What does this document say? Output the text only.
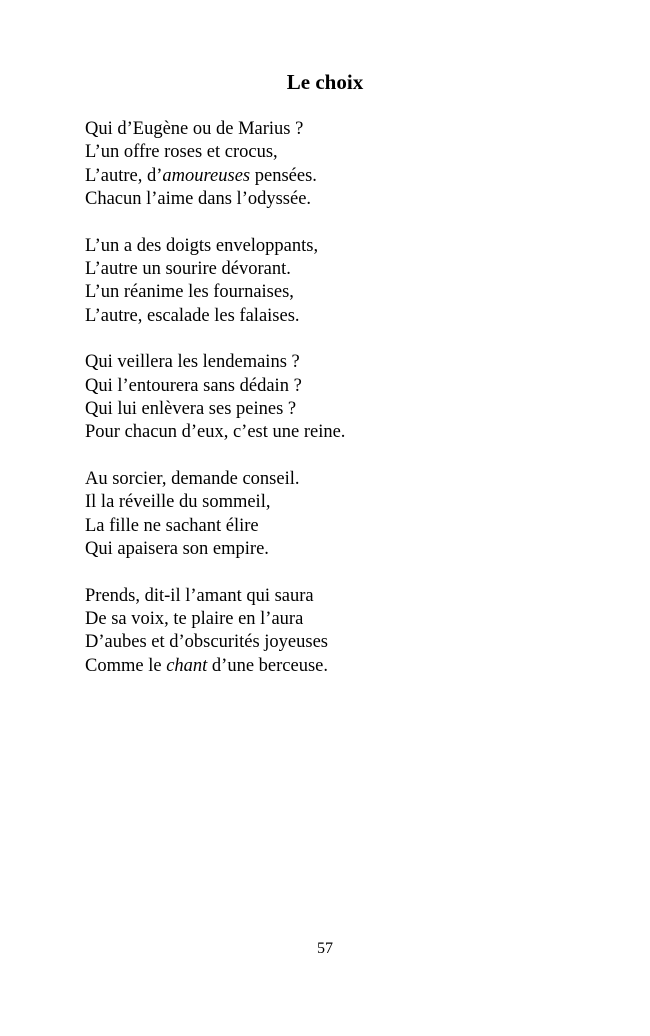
Le choix
Qui d’Eugène ou de Marius ?
L’un offre roses et crocus,
L’autre, d’amoureuses pensées.
Chacun l’aime dans l’odyssée.
L’un a des doigts enveloppants,
L’autre un sourire dévorant.
L’un réanime les fournaises,
L’autre, escalade les falaises.
Qui veillera les lendemains ?
Qui l’entourera sans dédain ?
Qui lui enlèvera ses peines ?
Pour chacun d’eux, c’est une reine.
Au sorcier, demande conseil.
Il la réveille du sommeil,
La fille ne sachant élire
Qui apaisera son empire.
Prends, dit-il l’amant qui saura
De sa voix, te plaire en l’aura
D’aubes et d’obscurités joyeuses
Comme le chant d’une berceuse.
57
